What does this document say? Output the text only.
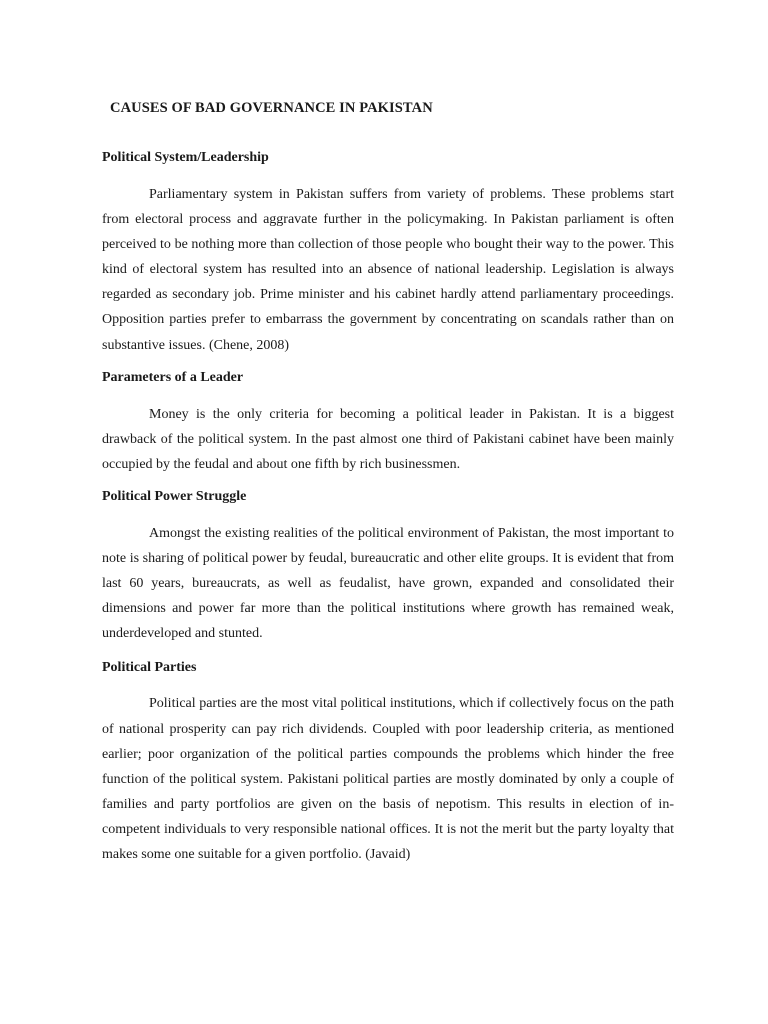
CAUSES OF BAD GOVERNANCE IN PAKISTAN
Political System/Leadership

Parliamentary system in Pakistan suffers from variety of problems. These problems start from electoral process and aggravate further in the policymaking. In Pakistan parliament is often perceived to be nothing more than collection of those people who bought their way to the power. This kind of electoral system has resulted into an absence of national leadership. Legislation is always regarded as secondary job. Prime minister and his cabinet hardly attend parliamentary proceedings. Opposition parties prefer to embarrass the government by concentrating on scandals rather than on substantive issues. (Chene, 2008)

Parameters of a Leader

Money is the only criteria for becoming a political leader in Pakistan. It is a biggest drawback of the political system. In the past almost one third of Pakistani cabinet have been mainly occupied by the feudal and about one fifth by rich businessmen.

Political Power Struggle

Amongst the existing realities of the political environment of Pakistan, the most important to note is sharing of political power by feudal, bureaucratic and other elite groups. It is evident that from last 60 years, bureaucrats, as well as feudalist, have grown, expanded and consolidated their dimensions and power far more than the political institutions where growth has remained weak, underdeveloped and stunted.

Political Parties

Political parties are the most vital political institutions, which if collectively focus on the path of national prosperity can pay rich dividends. Coupled with poor leadership criteria, as mentioned earlier; poor organization of the political parties compounds the problems which hinder the free function of the political system. Pakistani political parties are mostly dominated by only a couple of families and party portfolios are given on the basis of nepotism. This results in election of in-competent individuals to very responsible national offices. It is not the merit but the party loyalty that makes some one suitable for a given portfolio. (Javaid)
